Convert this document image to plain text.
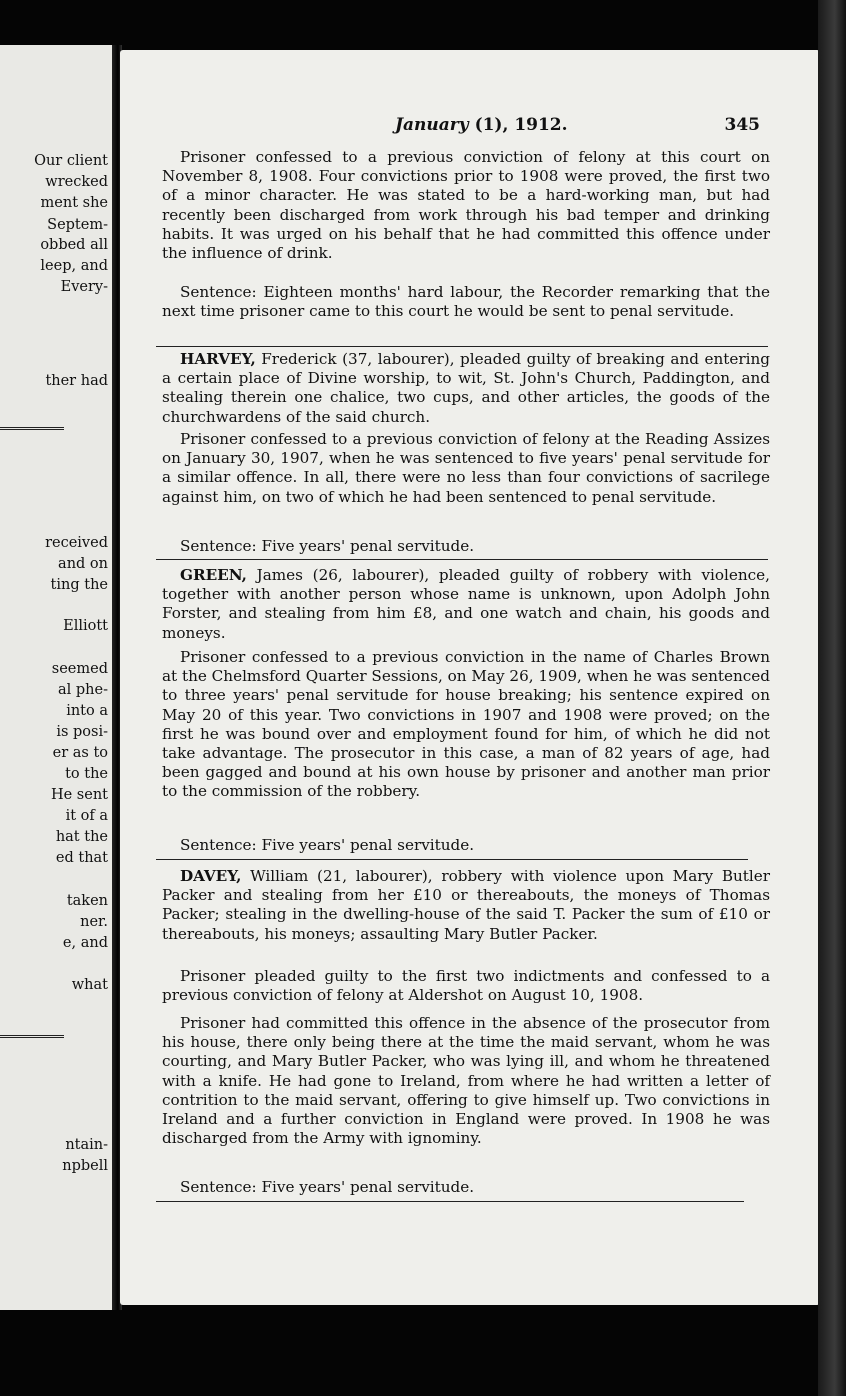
Our client
wrecked
ment she
Septem-
obbed all
leep, and
Every-
ther had
received
and on
ting the
Elliott
seemed
al phe-
into a
is posi-
er as to
to the
He sent
it of a
hat the
ed that
taken
ner.
e, and
what
ntain-
npbell
January (1), 1912.	345

Prisoner confessed to a previous conviction of felony at this court on November 8, 1908. Four convictions prior to 1908 were proved, the first two of a minor character. He was stated to be a hard-working man, but had recently been discharged from work through his bad temper and drinking habits. It was urged on his behalf that he had committed this offence under the influence of drink.

Sentence: Eighteen months' hard labour, the Recorder remarking that the next time prisoner came to this court he would be sent to penal servitude.

HARVEY, Frederick (37, labourer), pleaded guilty of breaking and entering a certain place of Divine worship, to wit, St. John's Church, Paddington, and stealing therein one chalice, two cups, and other articles, the goods of the churchwardens of the said church.

Prisoner confessed to a previous conviction of felony at the Reading Assizes on January 30, 1907, when he was sentenced to five years' penal servitude for a similar offence. In all, there were no less than four convictions of sacrilege against him, on two of which he had been sentenced to penal servitude.

Sentence: Five years' penal servitude.

GREEN, James (26, labourer), pleaded guilty of robbery with violence, together with another person whose name is unknown, upon Adolph John Forster, and stealing from him £8, and one watch and chain, his goods and moneys.

Prisoner confessed to a previous conviction in the name of Charles Brown at the Chelmsford Quarter Sessions, on May 26, 1909, when he was sentenced to three years' penal servitude for house breaking; his sentence expired on May 20 of this year. Two convictions in 1907 and 1908 were proved; on the first he was bound over and employment found for him, of which he did not take advantage. The prosecutor in this case, a man of 82 years of age, had been gagged and bound at his own house by prisoner and another man prior to the commission of the robbery.

Sentence: Five years' penal servitude.

DAVEY, William (21, labourer), robbery with violence upon Mary Butler Packer and stealing from her £10 or thereabouts, the moneys of Thomas Packer; stealing in the dwelling-house of the said T. Packer the sum of £10 or thereabouts, his moneys; assaulting Mary Butler Packer.

Prisoner pleaded guilty to the first two indictments and confessed to a previous conviction of felony at Aldershot on August 10, 1908.

Prisoner had committed this offence in the absence of the prosecutor from his house, there only being there at the time the maid servant, whom he was courting, and Mary Butler Packer, who was lying ill, and whom he threatened with a knife. He had gone to Ireland, from where he had written a letter of contrition to the maid servant, offering to give himself up. Two convictions in Ireland and a further conviction in England were proved. In 1908 he was discharged from the Army with ignominy.

Sentence: Five years' penal servitude.
